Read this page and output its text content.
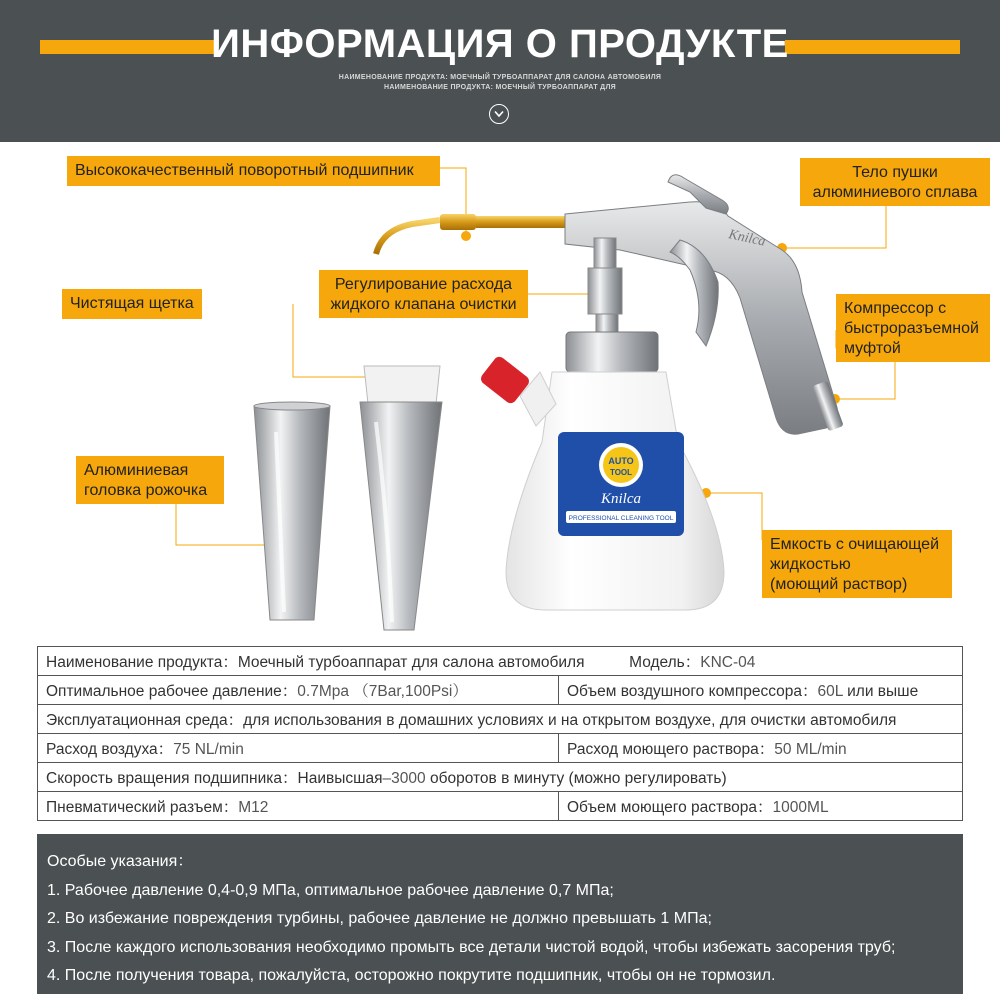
ИНФОРМАЦИЯ О ПРОДУКТЕ
НАИМЕНОВАНИЕ ПРОДУКТА: МОЕЧНЫЙ ТУРБОАППАРАТ ДЛЯ САЛОНА АВТОМОБИЛЯ
НАИМЕНОВАНИЕ ПРОДУКТА: МОЕЧНЫЙ ТУРБОАППАРАТ ДЛЯ
Knilca
AUTO
TOOL
Knilca
PROFESSIONAL CLEANING TOOL
Высококачественный поворотный подшипник	Тело пушки
алюминиевого сплава
Регулирование расхода
жидкого клапана очистки
Чистящая щетка	Компрессор с
быстроразъемной
муфтой
Алюминиевая
головка рожочка
Емкость с очищающей
жидкостью
(моющий раствор)
Наименование продукта：Моечный турбоаппарат для салона автомобиля Модель：KNC-04	
Оптимальное рабочее давление：0.7Mpa （7Bar,100Psi）	Объем воздушного компрессора：60L или выше
Эксплуатационная среда：для использования в домашних условиях и на открытом воздухе, для очистки автомобиля	
Расход воздуха：75 NL/min	Расход моющего раствора：50 ML/min
Скорость вращения подшипника：Наивысшая–3000 оборотов в минуту (можно регулировать)	
Пневматический разъем：M12	Объем моющего раствора：1000ML
Особые указания：
1. Рабочее давление 0,4-0,9 МПа, оптимальное рабочее давление 0,7 МПа;
2. Во избежание повреждения турбины, рабочее давление не должно превышать 1 МПа;
3. После каждого использования необходимо промыть все детали чистой водой, чтобы избежать засорения труб;
4. После получения товара, пожалуйста, осторожно покрутите подшипник, чтобы он не тормозил.
